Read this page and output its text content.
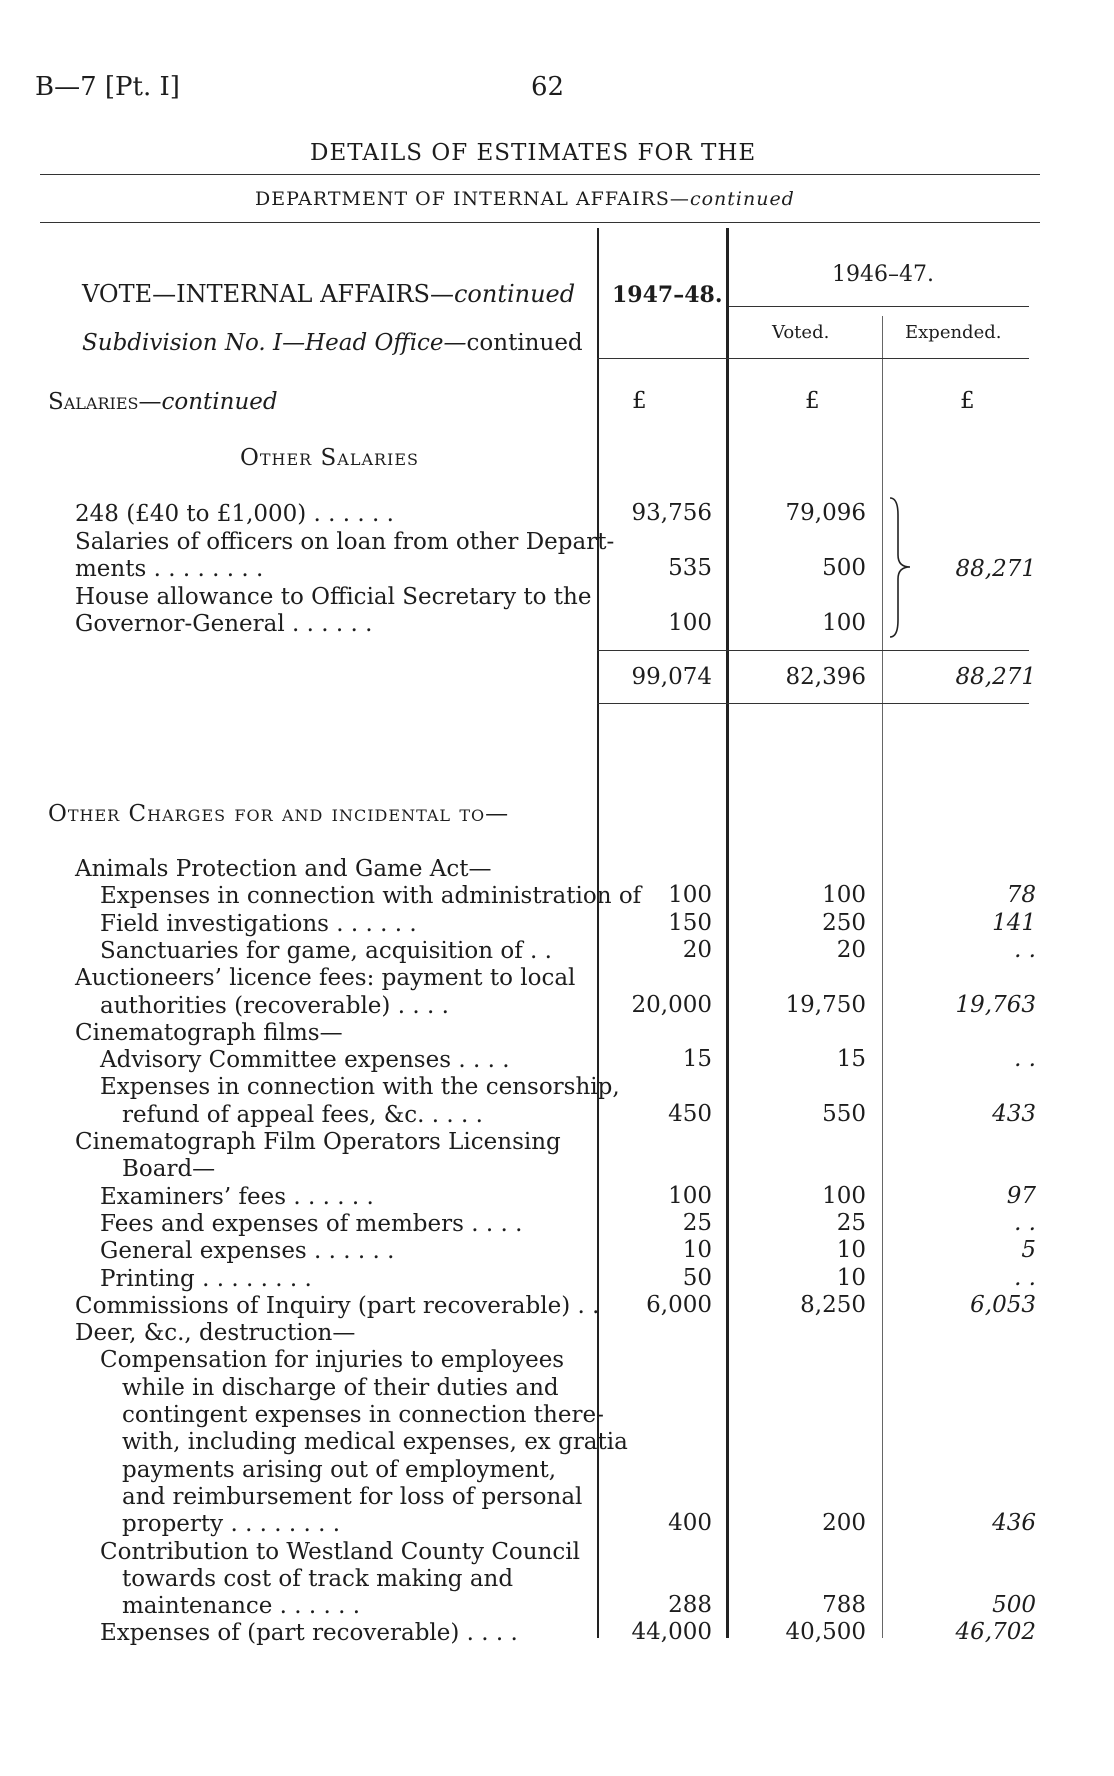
B—7 [Pt. I]	62
DETAILS OF ESTIMATES FOR THE
DEPARTMENT OF INTERNAL AFFAIRS—continued
VOTE—INTERNAL AFFAIRS—continued
Subdivision No. I—Head Office—continued
1947–48.
1946–47.
Voted.	Expended.
Salaries—continued	£	£	£
Other Salaries
248 (£40 to £1,000) . . . . . .	93,756	79,096
Salaries of officers on loan from other Depart-
ments . . . . . . . .	535	500
House allowance to Official Secretary to the
Governor-General . . . . . .	100	100
88,271
99,074	82,396	88,271
Other Charges for and incidental to—
Animals Protection and Game Act—
Expenses in connection with administration of	100	100	78
Field investigations . . . . . .	150	250	141
Sanctuaries for game, acquisition of . .	20	20	. .
Auctioneers’ licence fees: payment to local
authorities (recoverable) . . . .	20,000	19,750	19,763
Cinematograph films—
Advisory Committee expenses . . . .	15	15	. .
Expenses in connection with the censorship,
refund of appeal fees, &c. . . . .	450	550	433
Cinematograph Film Operators Licensing
Board—
Examiners’ fees . . . . . .	100	100	97
Fees and expenses of members . . . .	25	25	. .
General expenses . . . . . .	10	10	5
Printing . . . . . . . .	50	10	. .
Commissions of Inquiry (part recoverable) . .	6,000	8,250	6,053
Deer, &c., destruction—
Compensation for injuries to employees
while in discharge of their duties and
contingent expenses in connection there-
with, including medical expenses, ex gratia
payments arising out of employment,
and reimbursement for loss of personal
property . . . . . . . .	400	200	436
Contribution to Westland County Council
towards cost of track making and
maintenance . . . . . .	288	788	500
Expenses of (part recoverable) . . . .	44,000	40,500	46,702
